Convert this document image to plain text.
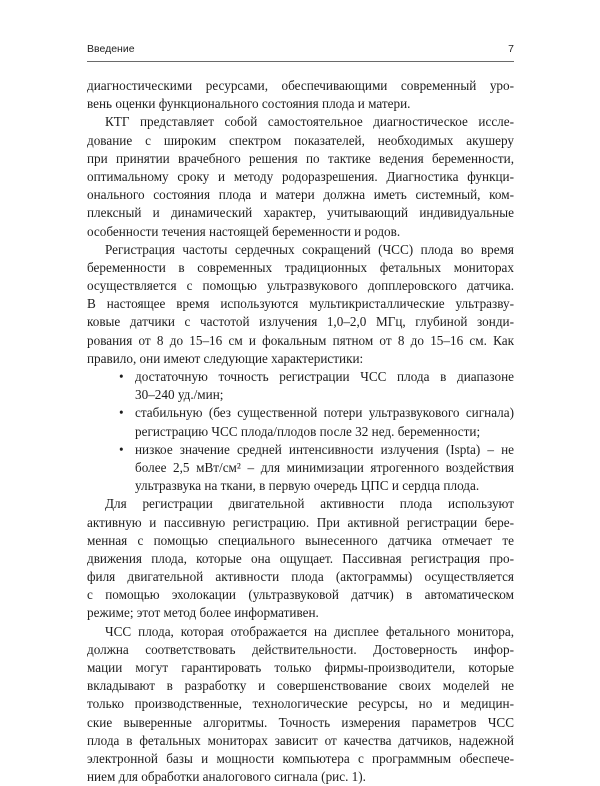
Введение	7

диагностическими ресурсами, обеспечивающими современный уро-
вень оценки функционального состояния плода и матери.

КТГ представляет собой самостоятельное диагностическое иссле-
дование с широким спектром показателей, необходимых акушеру
при принятии врачебного решения по тактике ведения беременности,
оптимальному сроку и методу родоразрешения. Диагностика функци-
онального состояния плода и матери должна иметь системный, ком-
плексный и динамический характер, учитывающий индивидуальные
особенности течения настоящей беременности и родов.

Регистрация частоты сердечных сокращений (ЧСС) плода во время
беременности в современных традиционных фетальных мониторах
осуществляется с помощью ультразвукового допплеровского датчика.
В настоящее время используются мультикристаллические ультразву-
ковые датчики с частотой излучения 1,0–2,0 МГц, глубиной зонди-
рования от 8 до 15–16 см и фокальным пятном от 8 до 15–16 см. Как
правило, они имеют следующие характеристики:

• достаточную точность регистрации ЧСС плода в диапазоне
30–240 уд./мин;
• стабильную (без существенной потери ультразвукового сигнала)
регистрацию ЧСС плода/плодов после 32 нед. беременности;
• низкое значение средней интенсивности излучения (Ispta) – не
более 2,5 мВт/см² – для минимизации ятрогенного воздействия
ультразвука на ткани, в первую очередь ЦПС и сердца плода.

Для регистрации двигательной активности плода используют
активную и пассивную регистрацию. При активной регистрации бере-
менная с помощью специального вынесенного датчика отмечает те
движения плода, которые она ощущает. Пассивная регистрация про-
филя двигательной активности плода (актограммы) осуществляется
с помощью эхолокации (ультразвуковой датчик) в автоматическом
режиме; этот метод более информативен.

ЧСС плода, которая отображается на дисплее фетального монитора,
должна соответствовать действительности. Достоверность инфор-
мации могут гарантировать только фирмы-производители, которые
вкладывают в разработку и совершенствование своих моделей не
только производственные, технологические ресурсы, но и медицин-
ские выверенные алгоритмы. Точность измерения параметров ЧСС
плода в фетальных мониторах зависит от качества датчиков, надежной
электронной базы и мощности компьютера с программным обеспече-
нием для обработки аналогового сигнала (рис. 1).
